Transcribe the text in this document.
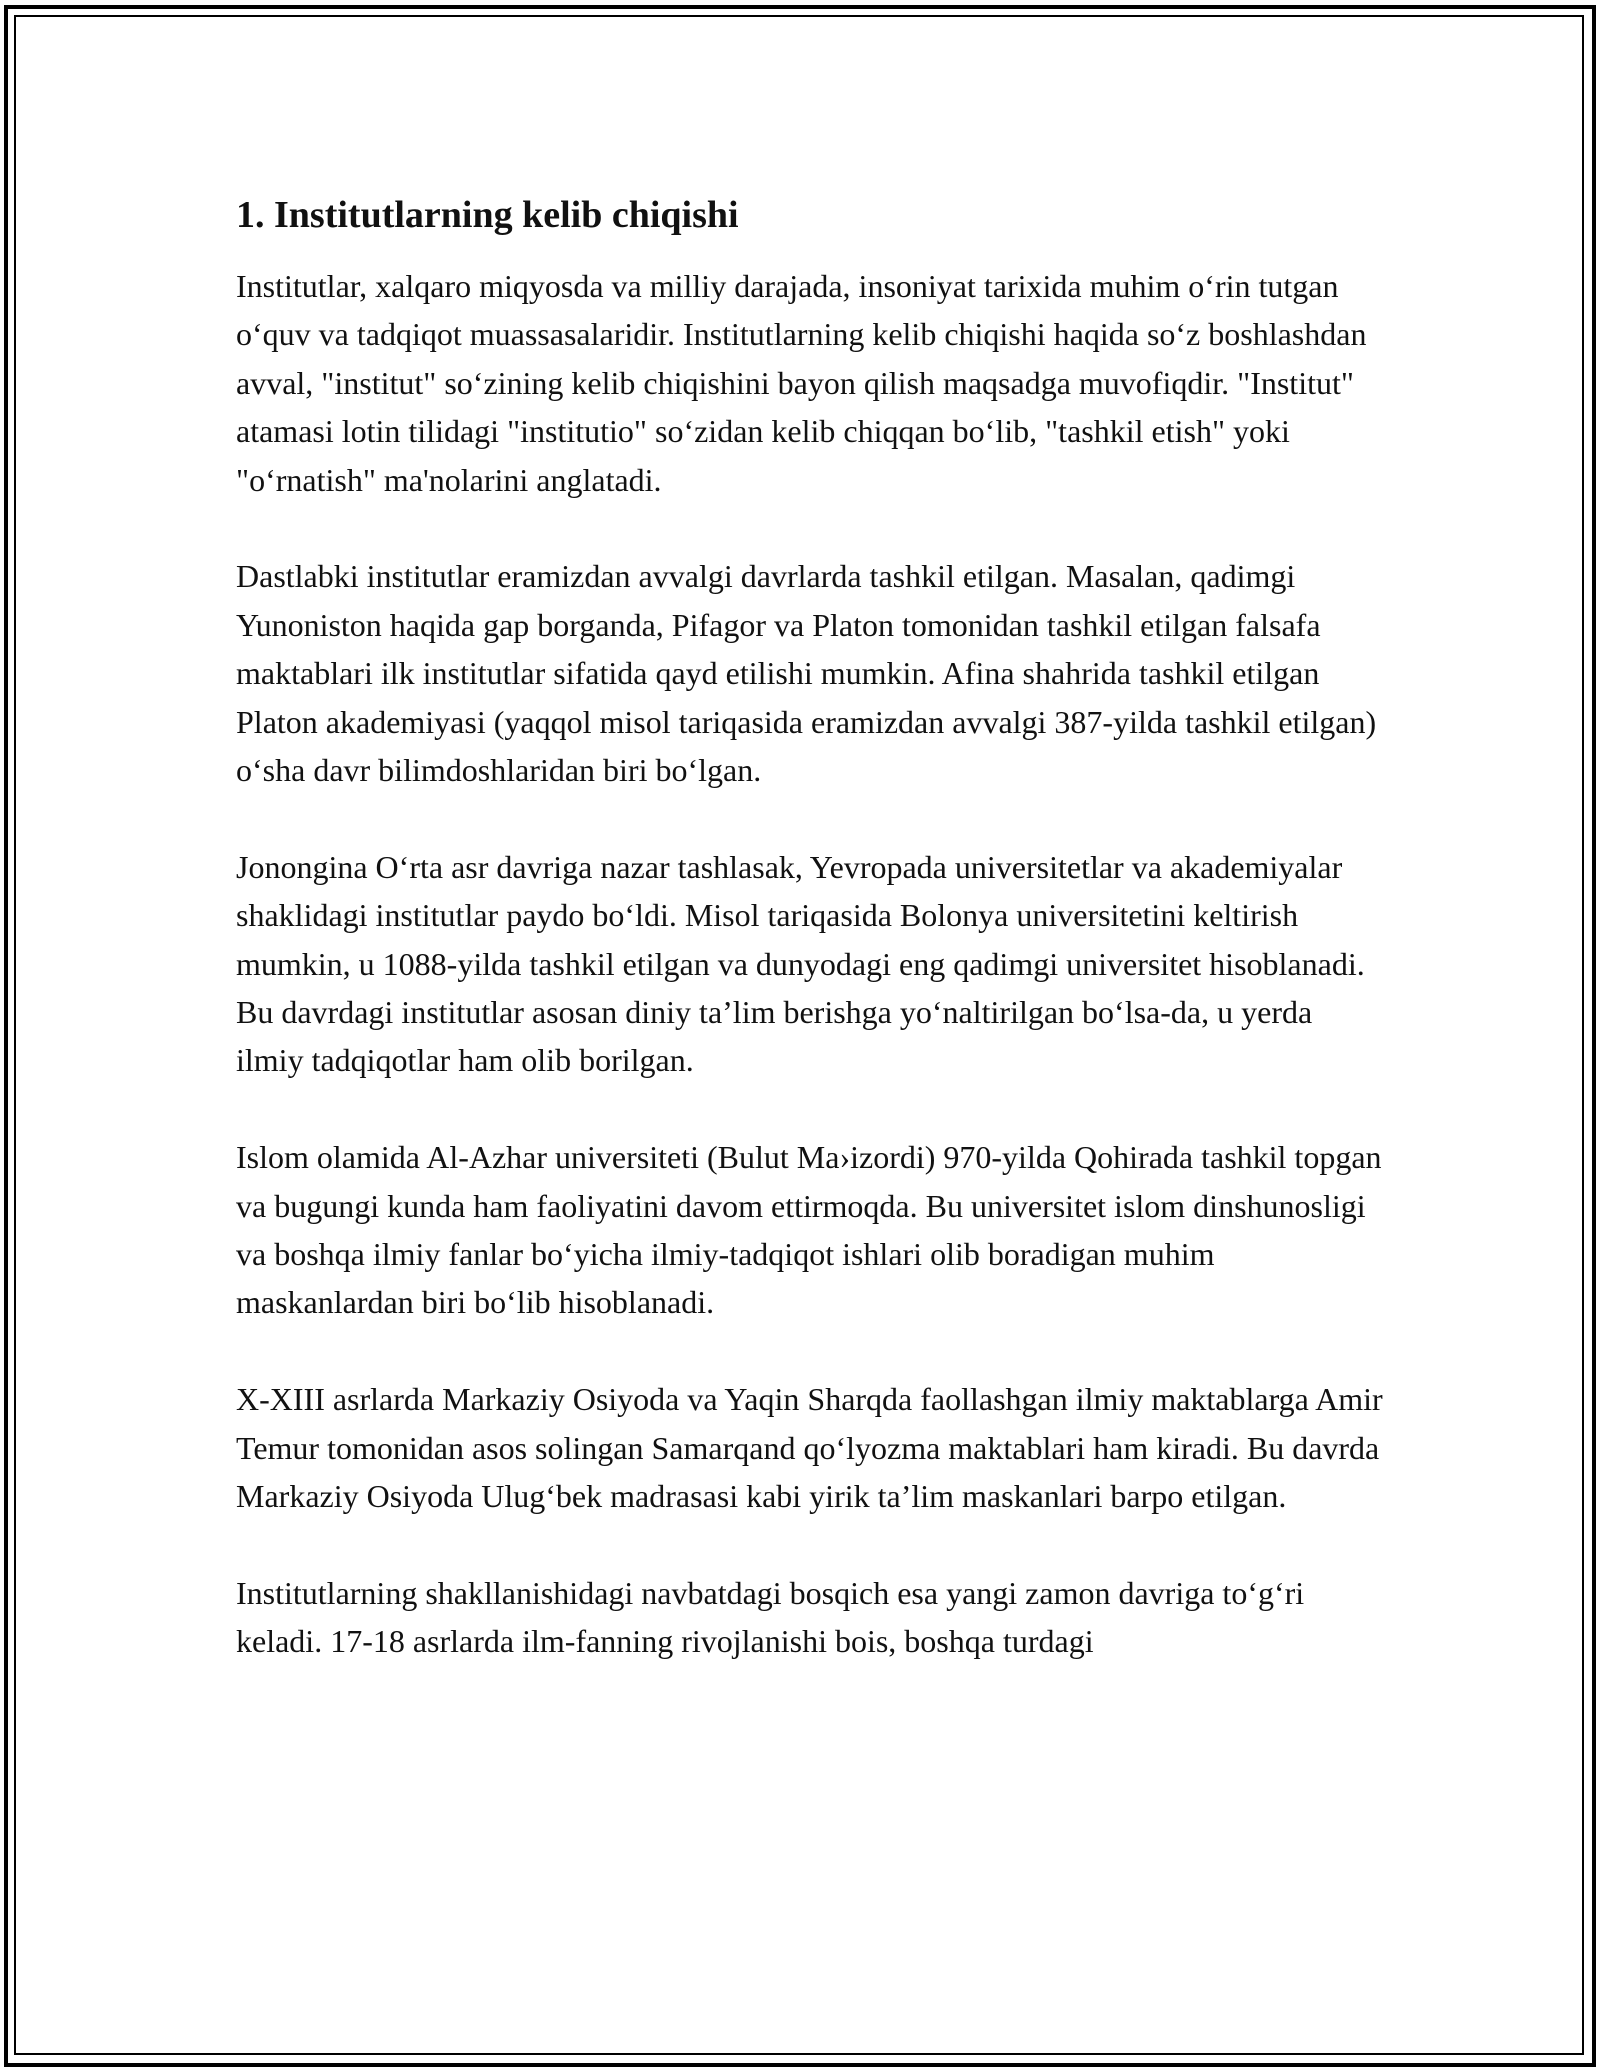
1. Institutlarning kelib chiqishi

Institutlar, xalqaro miqyosda va milliy darajada, insoniyat tarixida muhim o‘rin tutgan o‘quv va tadqiqot muassasalaridir. Institutlarning kelib chiqishi haqida so‘z boshlashdan avval, "institut" so‘zining kelib chiqishini bayon qilish maqsadga muvofiqdir. "Institut" atamasi lotin tilidagi "institutio" so‘zidan kelib chiqqan bo‘lib, "tashkil etish" yoki "o‘rnatish" ma'nolarini anglatadi.

Dastlabki institutlar eramizdan avvalgi davrlarda tashkil etilgan. Masalan, qadimgi Yunoniston haqida gap borganda, Pifagor va Platon tomonidan tashkil etilgan falsafa maktablari ilk institutlar sifatida qayd etilishi mumkin. Afina shahrida tashkil etilgan Platon akademiyasi (yaqqol misol tariqasida eramizdan avvalgi 387-yilda tashkil etilgan) o‘sha davr bilimdoshlaridan biri bo‘lgan.

Jonongina O‘rta asr davriga nazar tashlasak, Yevropada universitetlar va akademiyalar shaklidagi institutlar paydo bo‘ldi. Misol tariqasida Bolonya universitetini keltirish mumkin, u 1088-yilda tashkil etilgan va dunyodagi eng qadimgi universitet hisoblanadi. Bu davrdagi institutlar asosan diniy ta’lim berishga yo‘naltirilgan bo‘lsa-da, u yerda ilmiy tadqiqotlar ham olib borilgan.

Islom olamida Al-Azhar universiteti (Bulut Ma›izordi) 970-yilda Qohirada tashkil topgan va bugungi kunda ham faoliyatini davom ettirmoqda. Bu universitet islom dinshunosligi va boshqa ilmiy fanlar bo‘yicha ilmiy-tadqiqot ishlari olib boradigan muhim maskanlardan biri bo‘lib hisoblanadi.

X-XIII asrlarda Markaziy Osiyoda va Yaqin Sharqda faollashgan ilmiy maktablarga Amir Temur tomonidan asos solingan Samarqand qo‘lyozma maktablari ham kiradi. Bu davrda Markaziy Osiyoda Ulug‘bek madrasasi kabi yirik ta’lim maskanlari barpo etilgan.

Institutlarning shakllanishidagi navbatdagi bosqich esa yangi zamon davriga to‘g‘ri keladi. 17-18 asrlarda ilm-fanning rivojlanishi bois, boshqa turdagi
